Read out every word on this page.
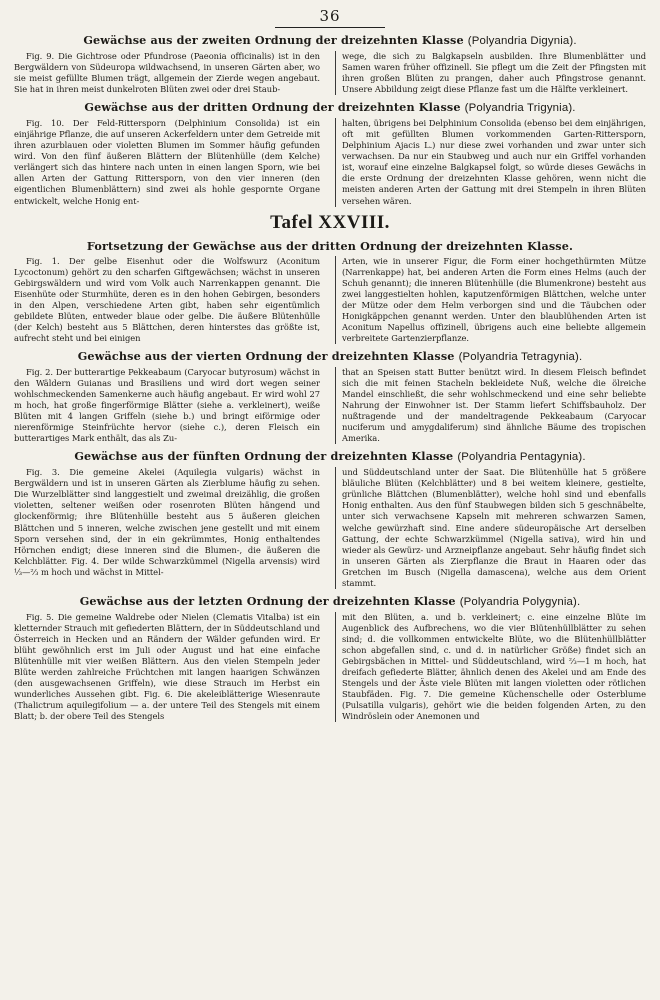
36
Gewächse aus der zweiten Ordnung der dreizehnten Klasse (Polyandria Digynia).

Fig. 9. Die Gichtrose oder Pfundrose (Paeonia officinalis) ist in den Bergwäldern von Südeuropa wildwachsend, in unseren Gärten aber, wo sie meist gefüllte Blumen trägt, allgemein der Zierde wegen angebaut. Sie hat in ihren meist dunkelroten Blüten zwei oder drei Staub-

wege, die sich zu Balgkapseln ausbilden. Ihre Blumenblätter und Samen waren früher offizinell. Sie pflegt um die Zeit der Pfingsten mit ihren großen Blüten zu prangen, daher auch Pfingstrose genannt. Unsere Abbildung zeigt diese Pflanze fast um die Hälfte verkleinert.

Gewächse aus der dritten Ordnung der dreizehnten Klasse (Polyandria Trigynia).

Fig. 10. Der Feld-Rittersporn (Delphinium Consolida) ist ein einjährige Pflanze, die auf unseren Ackerfeldern unter dem Getreide mit ihren azurblauen oder violetten Blumen im Sommer häufig gefunden wird. Von den fünf äußeren Blättern der Blütenhülle (dem Kelche) verlängert sich das hintere nach unten in einen langen Sporn, wie bei allen Arten der Gattung Rittersporn, von den vier inneren (den eigentlichen Blumenblättern) sind zwei als hohle gespornte Organe entwickelt, welche Honig ent-

halten, übrigens bei Delphinium Consolida (ebenso bei dem einjährigen, oft mit gefüllten Blumen vorkommenden Garten-Rittersporn, Delphinium Ajacis L.) nur diese zwei vorhanden und zwar unter sich verwachsen. Da nur ein Staubweg und auch nur ein Griffel vorhanden ist, worauf eine einzelne Balgkapsel folgt, so würde dieses Gewächs in die erste Ordnung der dreizehnten Klasse gehören, wenn nicht die meisten anderen Arten der Gattung mit drei Stempeln in ihren Blüten versehen wären.

Tafel XXVIII.
Fortsetzung der Gewächse aus der dritten Ordnung der dreizehnten Klasse.

Fig. 1. Der gelbe Eisenhut oder die Wolfswurz (Aconitum Lycoctonum) gehört zu den scharfen Giftgewächsen; wächst in unseren Gebirgswäldern und wird vom Volk auch Narrenkappen genannt. Die Eisenhüte oder Sturmhüte, deren es in den hohen Gebirgen, besonders in den Alpen, verschiedene Arten gibt, haben sehr eigentümlich gebildete Blüten, entweder blaue oder gelbe. Die äußere Blütenhülle (der Kelch) besteht aus 5 Blättchen, deren hinterstes das größte ist, aufrecht steht und bei einigen

Arten, wie in unserer Figur, die Form einer hochgethürmten Mütze (Narrenkappe) hat, bei anderen Arten die Form eines Helms (auch der Schuh genannt); die inneren Blütenhülle (die Blumenkrone) besteht aus zwei langgestielten hohlen, kaputzenförmigen Blättchen, welche unter der Mütze oder dem Helm verborgen sind und die Täubchen oder Honigkäppchen genannt werden. Unter den blaublühenden Arten ist Aconitum Napellus offizinell, übrigens auch eine beliebte allgemein verbreitete Gartenzierpflanze.

Gewächse aus der vierten Ordnung der dreizehnten Klasse (Polyandria Tetragynia).

Fig. 2. Der butterartige Pekkeabaum (Caryocar butyrosum) wächst in den Wäldern Guianas und Brasiliens und wird dort wegen seiner wohlschmeckenden Samenkerne auch häufig angebaut. Er wird wohl 27 m hoch, hat große fingerförmige Blätter (siehe a. verkleinert), weiße Blüten mit 4 langen Griffeln (siehe b.) und bringt eiförmige oder nierenförmige Steinfrüchte hervor (siehe c.), deren Fleisch ein butterartiges Mark enthält, das als Zu-

that an Speisen statt Butter benützt wird. In diesem Fleisch befindet sich die mit feinen Stacheln bekleidete Nuß, welche die ölreiche Mandel einschließt, die sehr wohlschmeckend und eine sehr beliebte Nahrung der Einwohner ist. Der Stamm liefert Schiffsbauholz. Der nußtragende und der mandeltragende Pekkeabaum (Caryocar nuciferum und amygdaliferum) sind ähnliche Bäume des tropischen Amerika.

Gewächse aus der fünften Ordnung der dreizehnten Klasse (Polyandria Pentagynia).

Fig. 3. Die gemeine Akelei (Aquilegia vulgaris) wächst in Bergwäldern und ist in unseren Gärten als Zierblume häufig zu sehen. Die Wurzelblätter sind langgestielt und zweimal dreizählig, die großen violetten, seltener weißen oder rosenroten Blüten hängend und glockenförmig; ihre Blütenhülle besteht aus 5 äußeren gleichen Blättchen und 5 inneren, welche zwischen jene gestellt und mit einem Sporn versehen sind, der in ein gekrümmtes, Honig enthaltendes Hörnchen endigt; diese inneren sind die Blumen-, die äußeren die Kelchblätter. Fig. 4. Der wilde Schwarzkümmel (Nigella arvensis) wird ⅓—⅔ m hoch und wächst in Mittel-

und Süddeutschland unter der Saat. Die Blütenhülle hat 5 größere bläuliche Blüten (Kelchblätter) und 8 bei weitem kleinere, gestielte, grünliche Blättchen (Blumenblätter), welche hohl sind und ebenfalls Honig enthalten. Aus den fünf Staubwegen bilden sich 5 geschnäbelte, unter sich verwachsene Kapseln mit mehreren schwarzen Samen, welche gewürzhaft sind. Eine andere südeuropäische Art derselben Gattung, der echte Schwarzkümmel (Nigella sativa), wird hin und wieder als Gewürz- und Arzneipflanze angebaut. Sehr häufig findet sich in unseren Gärten als Zierpflanze die Braut in Haaren oder das Gretchen im Busch (Nigella damascena), welche aus dem Orient stammt.

Gewächse aus der letzten Ordnung der dreizehnten Klasse (Polyandria Polygynia).

Fig. 5. Die gemeine Waldrebe oder Nielen (Clematis Vitalba) ist ein kletternder Strauch mit gefiederten Blättern, der in Süddeutschland und Österreich in Hecken und an Rändern der Wälder gefunden wird. Er blüht gewöhnlich erst im Juli oder August und hat eine einfache Blütenhülle mit vier weißen Blättern. Aus den vielen Stempeln jeder Blüte werden zahlreiche Früchtchen mit langen haarigen Schwänzen (den ausgewachsenen Griffeln), wie diese Strauch im Herbst ein wunderliches Aussehen gibt. Fig. 6. Die akeleiblätterige Wiesenraute (Thalictrum aquilegifolium — a. der untere Teil des Stengels mit einem Blatt; b. der obere Teil des Stengels

mit den Blüten, a. und b. verkleinert; c. eine einzelne Blüte im Augenblick des Aufbrechens, wo die vier Blütenhüllblätter zu sehen sind; d. die vollkommen entwickelte Blüte, wo die Blütenhüllblätter schon abgefallen sind, c. und d. in natürlicher Größe) findet sich an Gebirgsbächen in Mittel- und Süddeutschland, wird ⅔—1 m hoch, hat dreifach gefiederte Blätter, ähnlich denen des Akelei und am Ende des Stengels und der Äste viele Blüten mit langen violetten oder rötlichen Staubfäden. Fig. 7. Die gemeine Küchenschelle oder Osterblume (Pulsatilla vulgaris), gehört wie die beiden folgenden Arten, zu den Windröslein oder Anemonen und
